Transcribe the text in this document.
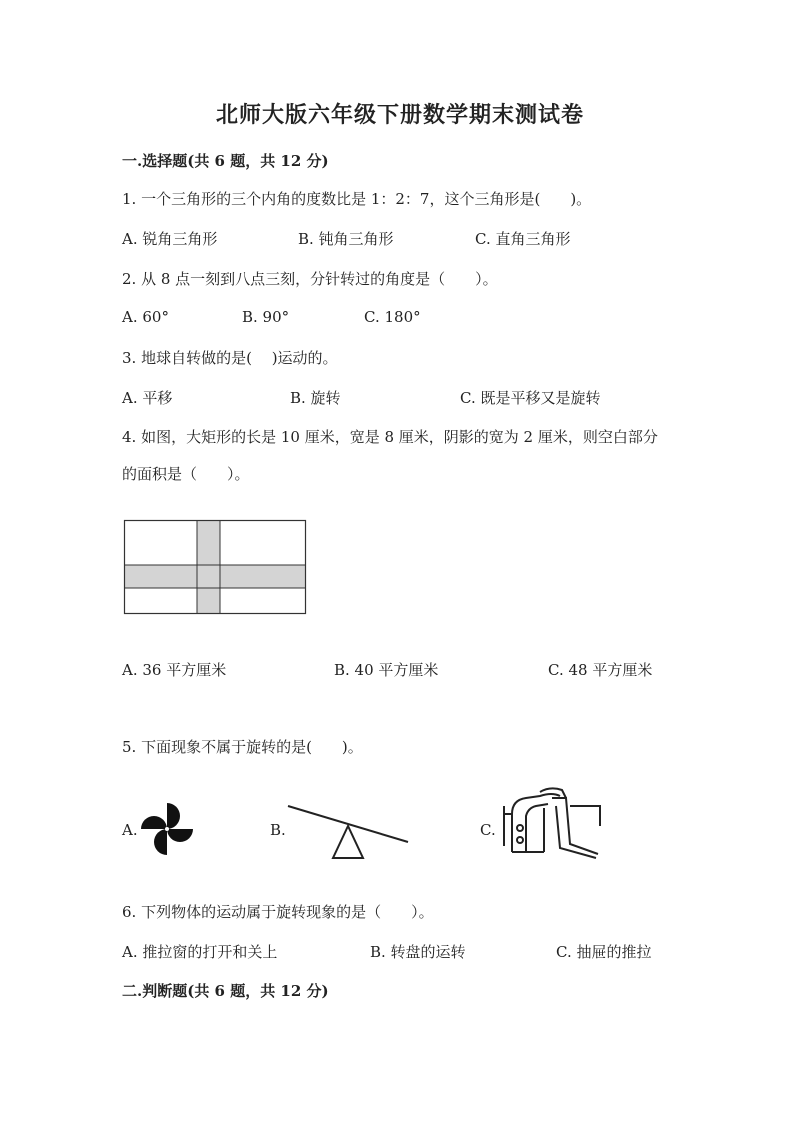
北师大版六年级下册数学期末测试卷
一.选择题(共 6 题，共 12 分)
1. 一个三角形的三个内角的度数比是 1：2：7，这个三角形是(　　)。
A. 锐角三角形	B. 钝角三角形	C. 直角三角形
2. 从 8 点一刻到八点三刻，分针转过的角度是（　　）。
A. 60°	B. 90°	C. 180°
3. 地球自转做的是(　 )运动的。
A. 平移	B. 旋转	C. 既是平移又是旋转
4. 如图，大矩形的长是 10 厘米，宽是 8 厘米，阴影的宽为 2 厘米，则空白部分
的面积是（　　）。
A. 36 平方厘米	B. 40 平方厘米	C. 48 平方厘米
5. 下面现象不属于旋转的是(　　)。
A.	B.	C.
6. 下列物体的运动属于旋转现象的是（　　）。
A. 推拉窗的打开和关上	B. 转盘的运转	C. 抽屉的推拉
二.判断题(共 6 题，共 12 分)
